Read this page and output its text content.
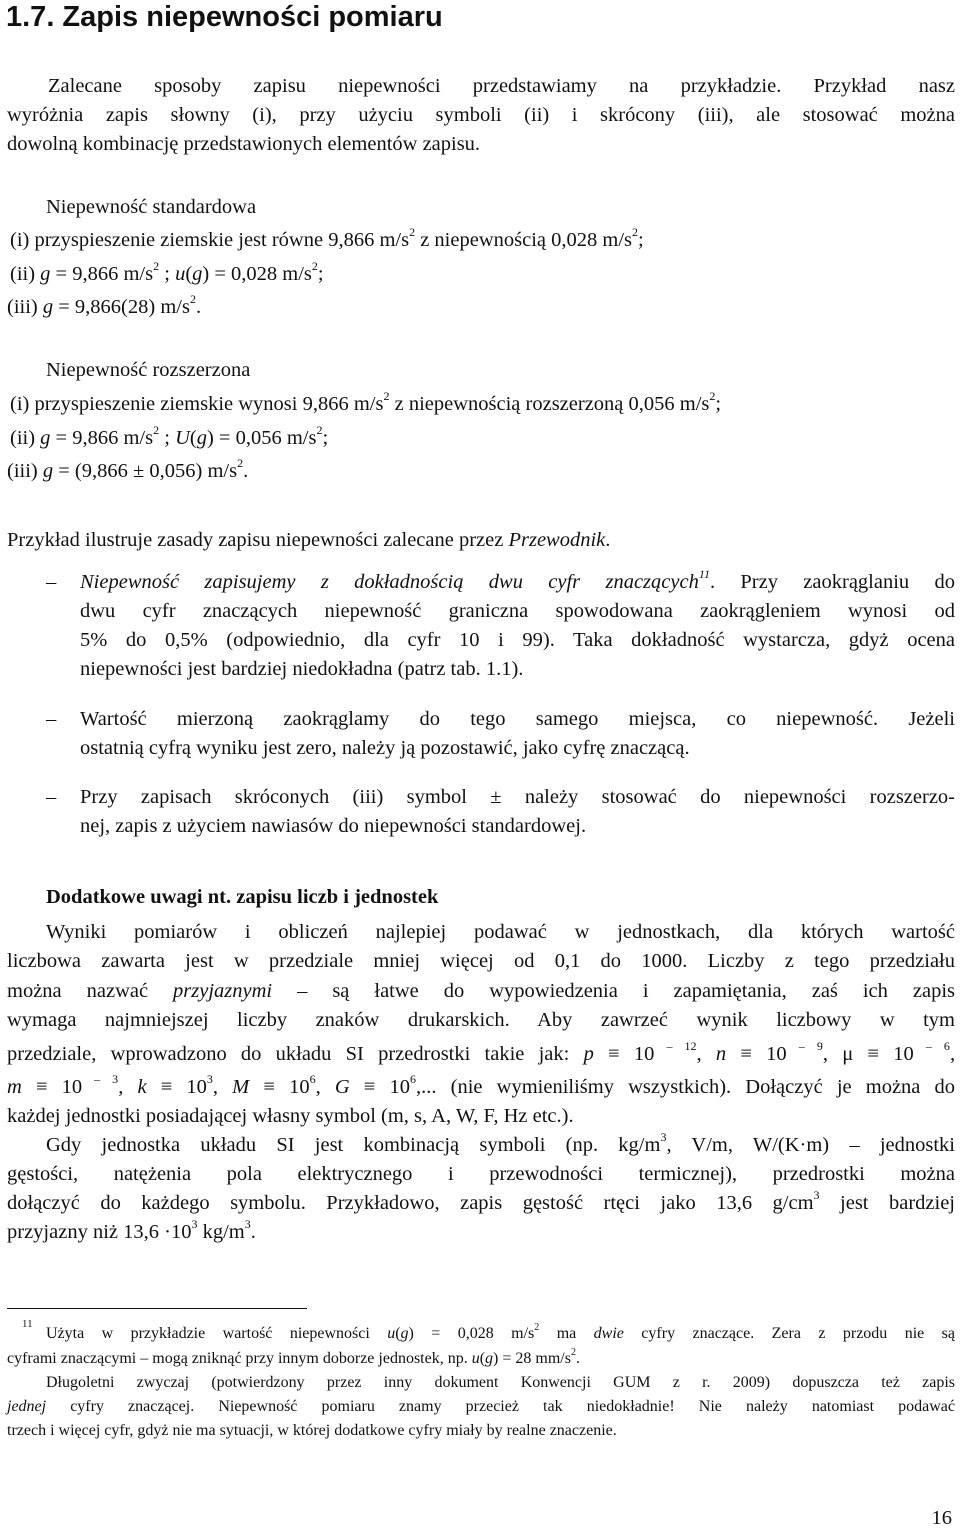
1.7. Zapis niepewności pomiaru
Zalecane sposoby zapisu niepewności przedstawiamy na przykładzie. Przykład nasz
wyróżnia zapis słowny (i), przy użyciu symboli (ii) i skrócony (iii), ale stosować można
dowolną kombinację przedstawionych elementów zapisu.
Niepewność standardowa
(i) przyspieszenie ziemskie jest równe 9,866 $m/s^2$ z niepewnością 0,028 $m/s^2$;
(ii) g = 9,866 $m/s^2$ ; u(g) = 0,028 $m/s^2$;
(iii) g = 9,866(28) $m/s^2$.
Niepewność rozszerzona
(i) przyspieszenie ziemskie wynosi 9,866 $m/s^2$ z niepewnością rozszerzoną 0,056 $m/s^2$;
(ii) g = 9,866 $m/s^2$ ; U(g) = 0,056 $m/s^2$;
(iii) g = (9,866 ± 0,056) $m/s^2$.
Przykład ilustruje zasady zapisu niepewności zalecane przez Przewodnik.
–	Niepewność zapisujemy z dokładnością dwu cyfr znaczących$^{11}$. Przy zaokrąglaniu do
dwu cyfr znaczących niepewność graniczna spowodowana zaokrągleniem wynosi od
5% do 0,5% (odpowiednio, dla cyfr 10 i 99). Taka dokładność wystarcza, gdyż ocena
niepewności jest bardziej niedokładna (patrz tab. 1.1).
–	Wartość mierzoną zaokrąglamy do tego samego miejsca, co niepewność. Jeżeli
ostatnią cyfrą wyniku jest zero, należy ją pozostawić, jako cyfrę znaczącą.
–	Przy zapisach skróconych (iii) symbol ± należy stosować do niepewności rozszerzo-
nej, zapis z użyciem nawiasów do niepewności standardowej.
Dodatkowe uwagi nt. zapisu liczb i jednostek
Wyniki pomiarów i obliczeń najlepiej podawać w jednostkach, dla których wartość
liczbowa zawarta jest w przedziale mniej więcej od 0,1 do 1000. Liczby z tego przedziału
można nazwać przyjaznymi – są łatwe do wypowiedzenia i zapamiętania, zaś ich zapis
wymaga najmniejszej liczby znaków drukarskich. Aby zawrzeć wynik liczbowy w tym
przedziale, wprowadzono do układu SI przedrostki takie jak: p ≡ 10 $^{- 12}$, n ≡ 10 $^{- 9}$, μ ≡ 10 $^{- 6}$,
m ≡ 10 $^{- 3}$, $k \equiv 10^3$, $M \equiv 10^6$, $G \equiv 10^6$,... (nie wymieniliśmy wszystkich). Dołączyć je można do
każdej jednostki posiadającej własny symbol (m, s, A, W, F, Hz etc.).
Gdy jednostka układu SI jest kombinacją symboli (np. $kg/m^3$, V/m, W/(K·m) – jednostki
gęstości, natężenia pola elektrycznego i przewodności termicznej), przedrostki można
dołączyć do każdego symbolu. Przykładowo, zapis gęstość rtęci jako 13,6 $g/cm^3$ jest bardziej
przyjazny niż $13,6 \cdot 10^3$ $kg/m^3$.
11
Użyta w przykładzie wartość niepewności u(g) = 0,028 $m/s^2$ ma dwie cyfry znaczące. Zera z przodu nie są
cyframi znaczącymi – mogą zniknąć przy innym doborze jednostek, np. u(g) = 28 $mm/s^2$.
Długoletni zwyczaj (potwierdzony przez inny dokument Konwencji GUM z r. 2009) dopuszcza też zapis
jednej cyfry znaczącej. Niepewność pomiaru znamy przecież tak niedokładnie! Nie należy natomiast podawać
trzech i więcej cyfr, gdyż nie ma sytuacji, w której dodatkowe cyfry miały by realne znaczenie.
16
